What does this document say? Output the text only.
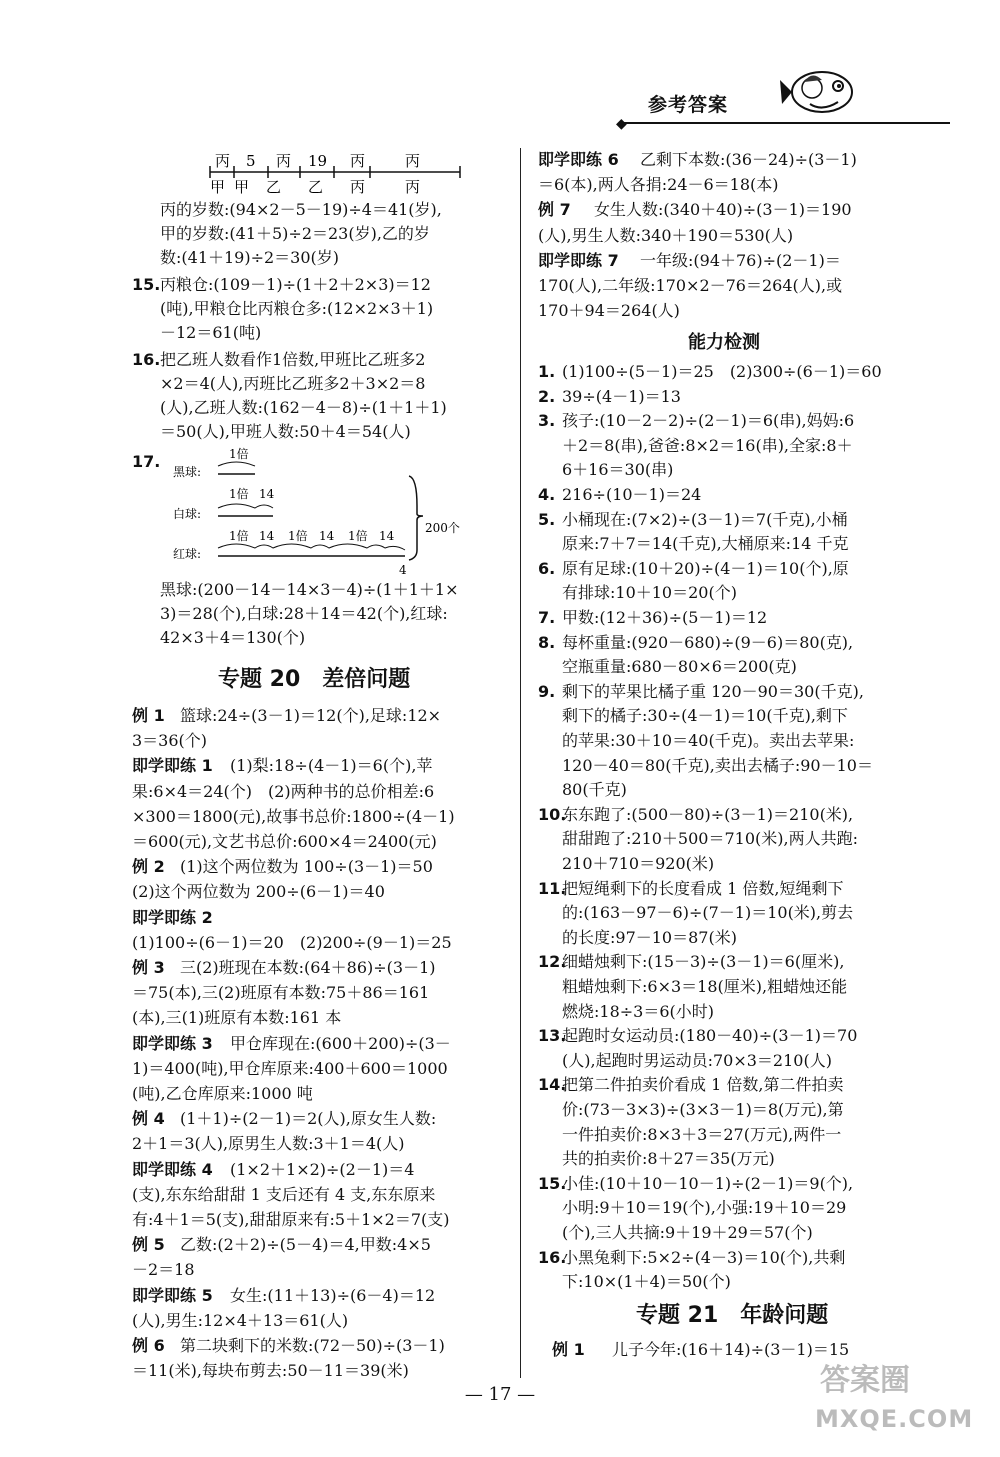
◆
参考答案
丙 5 丙 19 丙	丙
甲 甲 乙 乙 丙	丙
丙的岁数:(94×2－5－19)÷4＝41(岁),
甲的岁数:(41＋5)÷2＝23(岁),乙的岁
数:(41＋19)÷2＝30(岁)
15. 丙粮仓:(109－1)÷(1＋2＋2×3)＝12
(吨),甲粮仓比丙粮仓多:(12×2×3＋1)
－12＝61(吨)
16. 把乙班人数看作1倍数,甲班比乙班多2
×2＝4(人),丙班比乙班多2＋3×2＝8
(人),乙班人数:(162－4－8)÷(1＋1＋1)
＝50(人),甲班人数:50＋4＝54(人)
17.	1倍
黑球:
1倍 14
白球:
1倍 14 1倍 14 1倍 14
红球:
4
200个
黑球:(200－14－14×3－4)÷(1＋1＋1×
3)＝28(个),白球:28＋14＝42(个),红球:
42×3＋4＝130(个)
专题 20　差倍问题
例 1 　篮球:24÷(3－1)＝12(个),足球:12×
3＝36(个)
即学即练 1 　(1)梨:18÷(4－1)＝6(个),苹
果:6×4＝24(个)　(2)两种书的总价相差:6
×300＝1800(元),故事书总价:1800÷(4－1)
＝600(元),文艺书总价:600×4＝2400(元)
例 2 　(1)这个两位数为 100÷(3－1)＝50
(2)这个两位数为 200÷(6－1)＝40
即学即练 2
(1)100÷(6－1)＝20　(2)200÷(9－1)＝25
例 3 　三(2)班现在本数:(64＋86)÷(3－1)
＝75(本),三(2)班原有本数:75＋86＝161
(本),三(1)班原有本数:161 本
即学即练 3 　甲仓库现在:(600＋200)÷(3－
1)＝400(吨),甲仓库原来:400＋600＝1000
(吨),乙仓库原来:1000 吨
例 4 　(1＋1)÷(2－1)＝2(人),原女生人数:
2＋1＝3(人),原男生人数:3＋1＝4(人)
即学即练 4 　(1×2＋1×2)÷(2－1)＝4
(支),东东给甜甜 1 支后还有 4 支,东东原来
有:4＋1＝5(支),甜甜原来有:5＋1×2＝7(支)
例 5 　乙数:(2＋2)÷(5－4)＝4,甲数:4×5
－2＝18
即学即练 5 　女生:(11＋13)÷(6－4)＝12
(人),男生:12×4＋13＝61(人)
例 6 　第二块剩下的米数:(72－50)÷(3－1)
＝11(米),每块布剪去:50－11＝39(米)
即学即练 6 　乙剩下本数:(36－24)÷(3－1)
＝6(本),两人各捐:24－6＝18(本)
例 7 　女生人数:(340＋40)÷(3－1)＝190
(人),男生人数:340＋190＝530(人)
即学即练 7 　一年级:(94＋76)÷(2－1)＝
170(人),二年级:170×2－76＝264(人),或
170＋94＝264(人)
能力检测
1. (1)100÷(5－1)＝25　(2)300÷(6－1)＝60
2. 39÷(4－1)＝13
3. 孩子:(10－2－2)÷(2－1)＝6(串),妈妈:6
＋2＝8(串),爸爸:8×2＝16(串),全家:8＋
6＋16＝30(串)
4. 216÷(10－1)＝24
5. 小桶现在:(7×2)÷(3－1)＝7(千克),小桶
原来:7＋7＝14(千克),大桶原来:14 千克
6. 原有足球:(10＋20)÷(4－1)＝10(个),原
有排球:10＋10＝20(个)
7. 甲数:(12＋36)÷(5－1)＝12
8. 每杯重量:(920－680)÷(9－6)＝80(克),
空瓶重量:680－80×6＝200(克)
9. 剩下的苹果比橘子重 120－90＝30(千克),
剩下的橘子:30÷(4－1)＝10(千克),剩下
的苹果:30＋10＝40(千克)。卖出去苹果:
120－40＝80(千克),卖出去橘子:90－10＝
80(千克)
10.
东东跑了:(500－80)÷(3－1)＝210(米),
甜甜跑了:210＋500＝710(米),两人共跑:
210＋710＝920(米)
11.
把短绳剩下的长度看成 1 倍数,短绳剩下
的:(163－97－6)÷(7－1)＝10(米),剪去
的长度:97－10＝87(米)
12.
细蜡烛剩下:(15－3)÷(3－1)＝6(厘米),
粗蜡烛剩下:6×3＝18(厘米),粗蜡烛还能
燃烧:18÷3＝6(小时)
13.
起跑时女运动员:(180－40)÷(3－1)＝70
(人),起跑时男运动员:70×3＝210(人)
14.
把第二件拍卖价看成 1 倍数,第二件拍卖
价:(73－3×3)÷(3×3－1)＝8(万元),第
一件拍卖价:8×3＋3＝27(万元),两件一
共的拍卖价:8＋27＝35(万元)
15.
小佳:(10＋10－10－1)÷(2－1)＝9(个),
小明:9＋10＝19(个),小强:19＋10＝29
(个),三人共摘:9＋19＋29＝57(个)
16.
小黑兔剩下:5×2÷(4－3)＝10(个),共剩
下:10×(1＋4)＝50(个)
专题 21　年龄问题
例 1 　儿子今年:(16＋14)÷(3－1)＝15
— 17 —	答案圈
MXQE.COM
